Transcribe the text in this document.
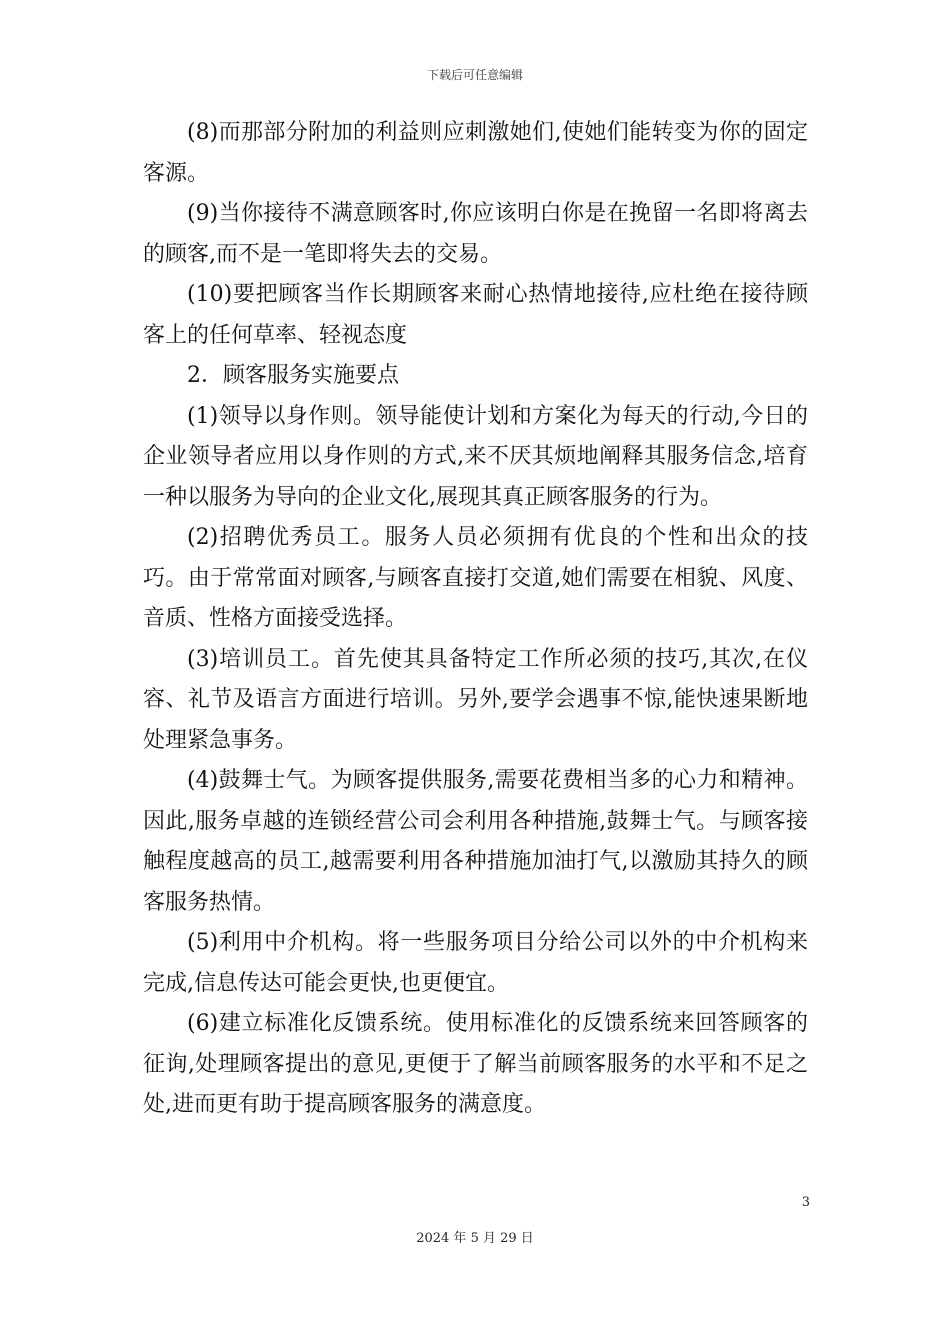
下载后可任意编辑

(8)而那部分附加的利益则应刺激她们,使她们能转变为你的固定客源。

(9)当你接待不满意顾客时,你应该明白你是在挽留一名即将离去的顾客,而不是一笔即将失去的交易。

(10)要把顾客当作长期顾客来耐心热情地接待,应杜绝在接待顾客上的任何草率、轻视态度

2．顾客服务实施要点

(1)领导以身作则。领导能使计划和方案化为每天的行动,今日的企业领导者应用以身作则的方式,来不厌其烦地阐释其服务信念,培育一种以服务为导向的企业文化,展现其真正顾客服务的行为。

(2)招聘优秀员工。服务人员必须拥有优良的个性和出众的技巧。由于常常面对顾客,与顾客直接打交道,她们需要在相貌、风度、音质、性格方面接受选择。

(3)培训员工。首先使其具备特定工作所必须的技巧,其次,在仪容、礼节及语言方面进行培训。另外,要学会遇事不惊,能快速果断地处理紧急事务。

(4)鼓舞士气。为顾客提供服务,需要花费相当多的心力和精神。因此,服务卓越的连锁经营公司会利用各种措施,鼓舞士气。与顾客接触程度越高的员工,越需要利用各种措施加油打气,以激励其持久的顾客服务热情。

(5)利用中介机构。将一些服务项目分给公司以外的中介机构来完成,信息传达可能会更快,也更便宜。

(6)建立标准化反馈系统。使用标准化的反馈系统来回答顾客的征询,处理顾客提出的意见,更便于了解当前顾客服务的水平和不足之处,进而更有助于提高顾客服务的满意度。

3
2024 年 5 月 29 日
